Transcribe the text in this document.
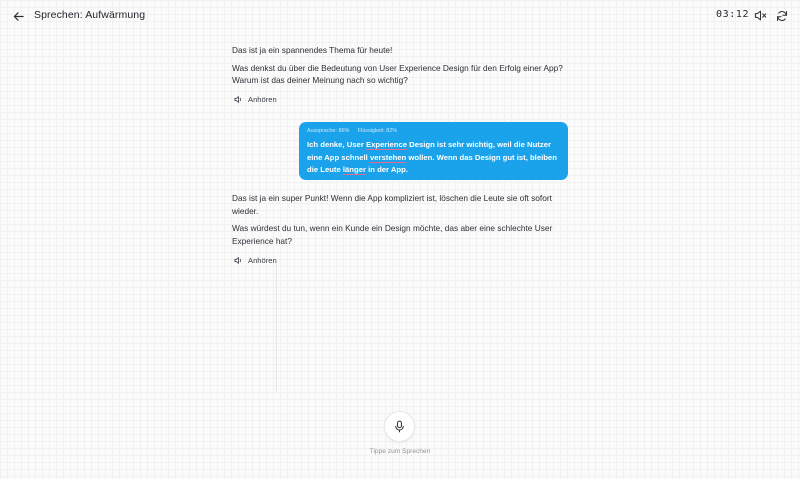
Sprechen: Aufwärmung	03:12

Das ist ja ein spannendes Thema für heute!

Was denkst du über die Bedeutung von User Experience Design für den Erfolg einer App? Warum ist das deiner Meinung nach so wichtig?

Anhören
Aussprache: 86% Flüssigkeit: 82%
Ich denke, User Experience Design ist sehr wichtig, weil die Nutzer eine App schnell verstehen wollen. Wenn das Design gut ist, bleiben die Leute länger in der App.

Das ist ja ein super Punkt! Wenn die App kompliziert ist, löschen die Leute sie oft sofort wieder.

Was würdest du tun, wenn ein Kunde ein Design möchte, das aber eine schlechte User Experience hat?

Anhören
Tippe zum Sprechen
